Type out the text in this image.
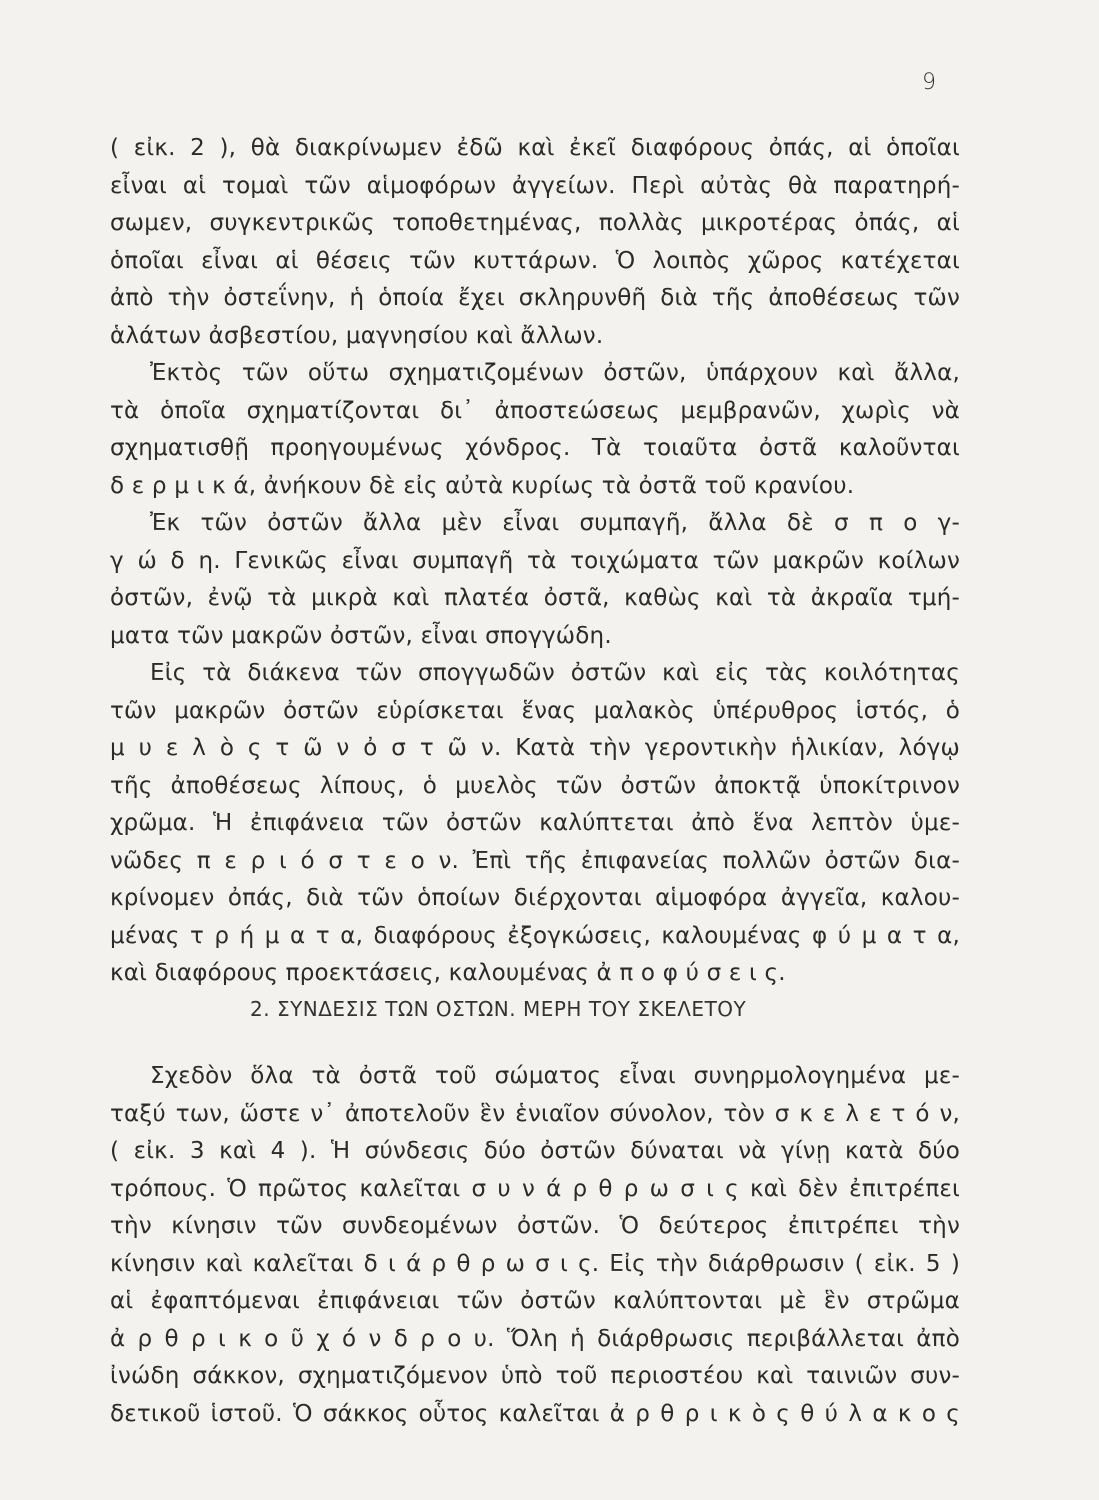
9
( εἰκ. 2 ), θὰ διακρίνωμεν ἐδῶ καὶ ἐκεῖ διαφόρους ὀπάς, αἱ ὁποῖαι
εἶναι αἱ τομαὶ τῶν αἱμοφόρων ἀγγείων. Περὶ αὐτὰς θὰ παρατηρή-
σωμεν, συγκεντρικῶς τοποθετημένας, πολλὰς μικροτέρας ὀπάς, αἱ
ὁποῖαι εἶναι αἱ θέσεις τῶν κυττάρων. Ὁ λοιπὸς χῶρος κατέχεται
ἀπὸ τὴν ὀστεΐνην, ἡ ὁποία ἔχει σκληρυνθῆ διὰ τῆς ἀποθέσεως τῶν
ἁλάτων ἀσβεστίου, μαγνησίου καὶ ἄλλων.
Ἐκτὸς τῶν οὕτω σχηματιζομένων ὀστῶν, ὑπάρχουν καὶ ἄλλα,
τὰ ὁποῖα σχηματίζονται δι᾽ ἀποστεώσεως μεμβρανῶν, χωρὶς νὰ
σχηματισθῇ προηγουμένως χόνδρος. Τὰ τοιαῦτα ὀστᾶ καλοῦνται
δ ε ρ μ ι κ ά, ἀνήκουν δὲ εἰς αὐτὰ κυρίως τὰ ὀστᾶ τοῦ κρανίου.
Ἐκ τῶν ὀστῶν ἄλλα μὲν εἶναι συμπαγῆ, ἄλλα δὲ σ π ο γ-
γ ώ δ η. Γενικῶς εἶναι συμπαγῆ τὰ τοιχώματα τῶν μακρῶν κοίλων
ὀστῶν, ἐνῷ τὰ μικρὰ καὶ πλατέα ὀστᾶ, καθὼς καὶ τὰ ἀκραῖα τμή-
ματα τῶν μακρῶν ὀστῶν, εἶναι σπογγώδη.
Εἰς τὰ διάκενα τῶν σπογγωδῶν ὀστῶν καὶ εἰς τὰς κοιλότητας
τῶν μακρῶν ὀστῶν εὑρίσκεται ἕνας μαλακὸς ὑπέρυθρος ἱστός, ὁ
μ υ ε λ ὸ ς τ ῶ ν ὀ σ τ ῶ ν. Κατὰ τὴν γεροντικὴν ἡλικίαν, λόγῳ
τῆς ἀποθέσεως λίπους, ὁ μυελὸς τῶν ὀστῶν ἀποκτᾷ ὑποκίτρινον
χρῶμα. Ἡ ἐπιφάνεια τῶν ὀστῶν καλύπτεται ἀπὸ ἕνα λεπτὸν ὑμε-
νῶδες π ε ρ ι ό σ τ ε ο ν. Ἐπὶ τῆς ἐπιφανείας πολλῶν ὀστῶν δια-
κρίνομεν ὀπάς, διὰ τῶν ὁποίων διέρχονται αἱμοφόρα ἀγγεῖα, καλου-
μένας τ ρ ή μ α τ α, διαφόρους ἐξογκώσεις, καλουμένας φ ύ μ α τ α,
καὶ διαφόρους προεκτάσεις, καλουμένας ἀ π ο φ ύ σ ε ι ς.
2. ΣΥΝΔΕΣΙΣ ΤΩΝ ΟΣΤΩΝ. ΜΕΡΗ ΤΟΥ ΣΚΕΛΕΤΟΥ
Σχεδὸν ὅλα τὰ ὀστᾶ τοῦ σώματος εἶναι συνηρμολογημένα με-
ταξύ των, ὥστε ν᾽ ἀποτελοῦν ἓν ἑνιαῖον σύνολον, τὸν σ κ ε λ ε τ ό ν,
( εἰκ. 3 καὶ 4 ). Ἡ σύνδεσις δύο ὀστῶν δύναται νὰ γίνῃ κατὰ δύο
τρόπους. Ὁ πρῶτος καλεῖται σ υ ν ά ρ θ ρ ω σ ι ς καὶ δὲν ἐπιτρέπει
τὴν κίνησιν τῶν συνδεομένων ὀστῶν. Ὁ δεύτερος ἐπιτρέπει τὴν
κίνησιν καὶ καλεῖται δ ι ά ρ θ ρ ω σ ι ς. Εἰς τὴν διάρθρωσιν ( εἰκ. 5 )
αἱ ἐφαπτόμεναι ἐπιφάνειαι τῶν ὀστῶν καλύπτονται μὲ ἓν στρῶμα
ἀ ρ θ ρ ι κ ο ῦ χ ό ν δ ρ ο υ. Ὅλη ἡ διάρθρωσις περιβάλλεται ἀπὸ
ἰνώδη σάκκον, σχηματιζόμενον ὑπὸ τοῦ περιοστέου καὶ ταινιῶν συν-
δετικοῦ ἱστοῦ. Ὁ σάκκος οὗτος καλεῖται ἀ ρ θ ρ ι κ ὸ ς θ ύ λ α κ ο ς
